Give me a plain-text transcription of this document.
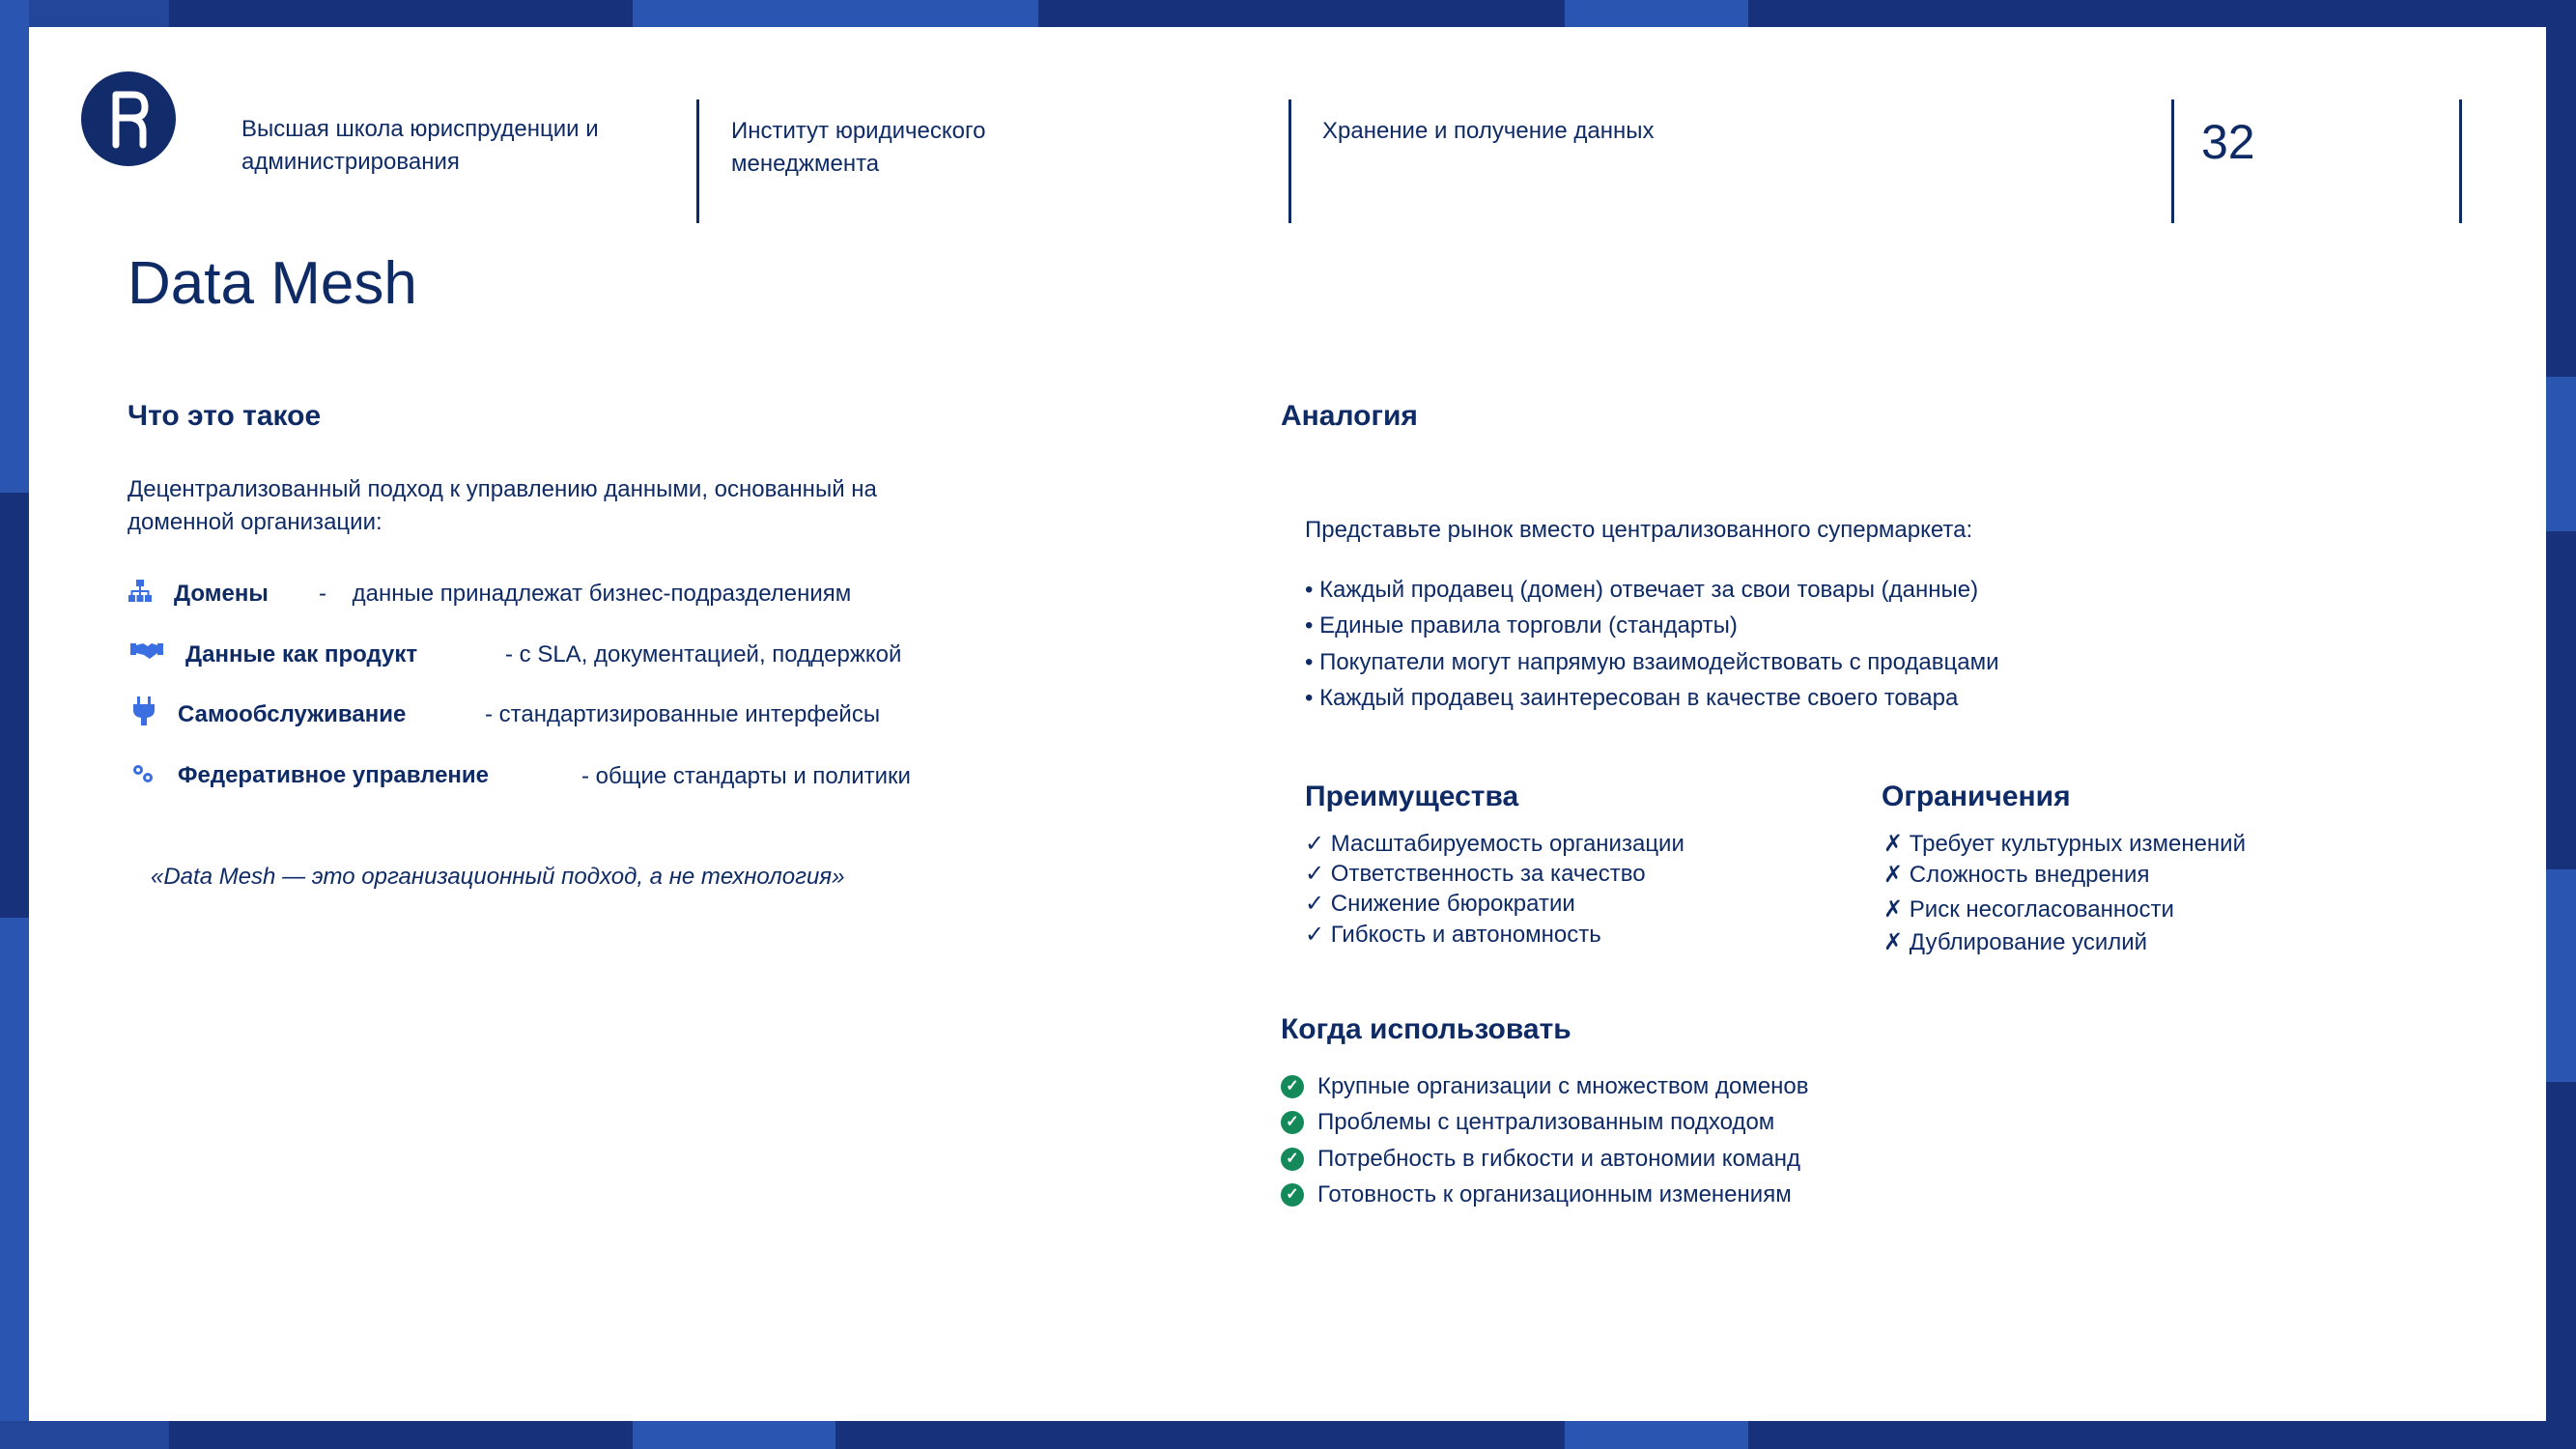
Высшая школа юриспруденции и администрирования
Институт юридического менеджмента
Хранение и получение данных	32
Data Mesh
Что это такое
Децентрализованный подход к управлению данными, основанный на доменной организации:
Домены -    данные принадлежат бизнес-подразделениям
Данные как продукт	- с SLA, документацией, поддержкой
Самообслуживание	- стандартизированные интерфейсы
Федеративное управление	- общие стандарты и политики
«Data Mesh — это организационный подход, а не технология»
Аналогия
Представьте рынок вместо централизованного супермаркета:
• Каждый продавец (домен) отвечает за свои товары (данные)
• Единые правила торговли (стандарты)
• Покупатели могут напрямую взаимодействовать с продавцами
• Каждый продавец заинтересован в качестве своего товара
Преимущества
✓ Масштабируемость организации
✓ Ответственность за качество
✓ Снижение бюрократии
✓ Гибкость и автономность
Ограничения
✗ Требует культурных изменений
✗ Сложность внедрения
✗ Риск несогласованности
✗ Дублирование усилий
Когда использовать
✓ Крупные организации с множеством доменов
✓ Проблемы с централизованным подходом
✓ Потребность в гибкости и автономии команд
✓ Готовность к организационным изменениям
